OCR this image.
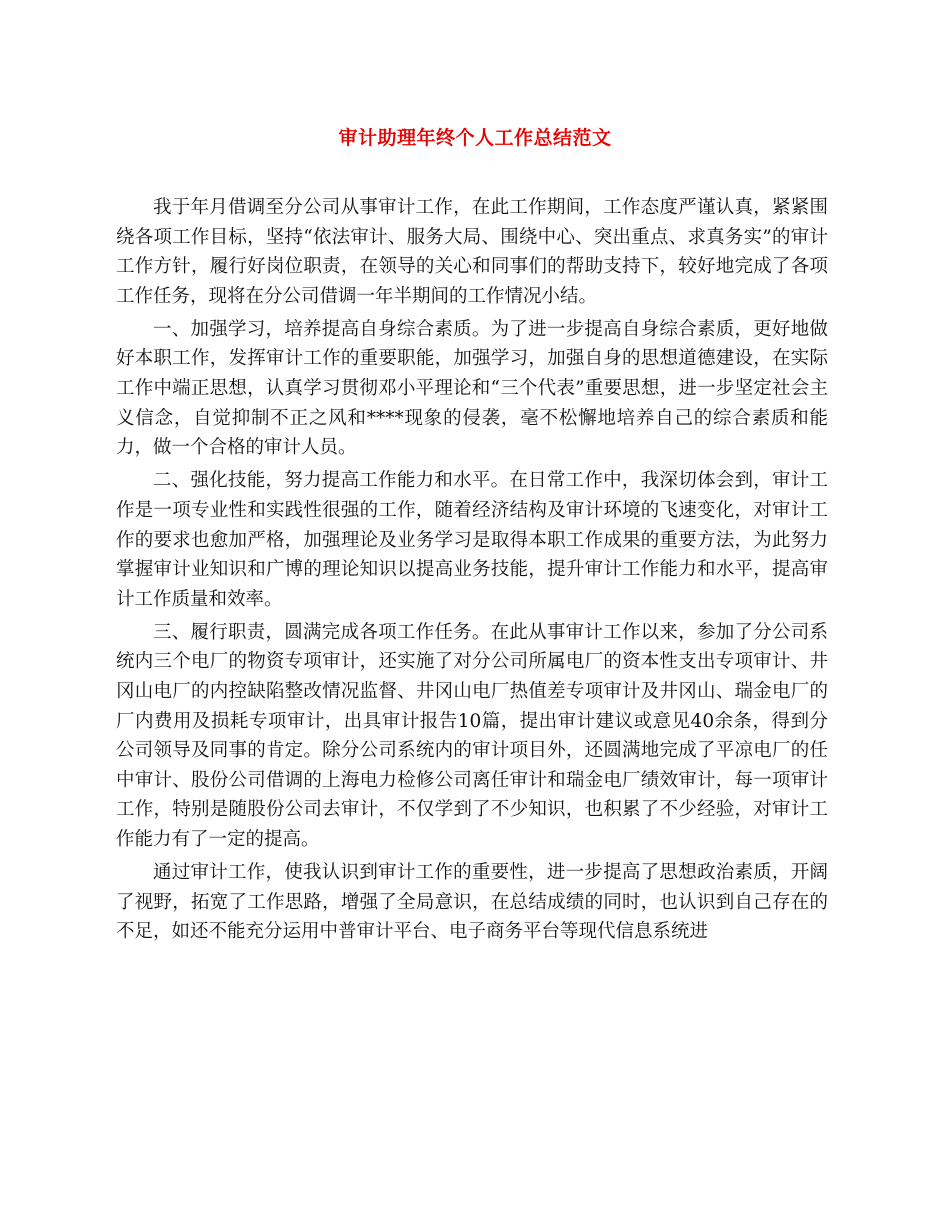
审计助理年终个人工作总结范文

我于年月借调至分公司从事审计工作，在此工作期间，工作态度严谨认真，紧紧围绕各项工作目标，坚持“依法审计、服务大局、围绕中心、突出重点、求真务实”的审计工作方针，履行好岗位职责，在领导的关心和同事们的帮助支持下，较好地完成了各项工作任务，现将在分公司借调一年半期间的工作情况小结。

一、加强学习，培养提高自身综合素质。为了进一步提高自身综合素质，更好地做好本职工作，发挥审计工作的重要职能，加强学习，加强自身的思想道德建设，在实际工作中端正思想，认真学习贯彻邓小平理论和“三个代表”重要思想，进一步坚定社会主义信念，自觉抑制不正之风和****现象的侵袭，毫不松懈地培养自己的综合素质和能力，做一个合格的审计人员。

二、强化技能，努力提高工作能力和水平。在日常工作中，我深切体会到，审计工作是一项专业性和实践性很强的工作，随着经济结构及审计环境的飞速变化，对审计工作的要求也愈加严格，加强理论及业务学习是取得本职工作成果的重要方法，为此努力掌握审计业知识和广博的理论知识以提高业务技能，提升审计工作能力和水平，提高审计工作质量和效率。

三、履行职责，圆满完成各项工作任务。在此从事审计工作以来，参加了分公司系统内三个电厂的物资专项审计，还实施了对分公司所属电厂的资本性支出专项审计、井冈山电厂的内控缺陷整改情况监督、井冈山电厂热值差专项审计及井冈山、瑞金电厂的厂内费用及损耗专项审计，出具审计报告10篇，提出审计建议或意见40余条，得到分公司领导及同事的肯定。除分公司系统内的审计项目外，还圆满地完成了平凉电厂的任中审计、股份公司借调的上海电力检修公司离任审计和瑞金电厂绩效审计，每一项审计工作，特别是随股份公司去审计，不仅学到了不少知识，也积累了不少经验，对审计工作能力有了一定的提高。

通过审计工作，使我认识到审计工作的重要性，进一步提高了思想政治素质，开阔了视野，拓宽了工作思路，增强了全局意识，在总结成绩的同时，也认识到自己存在的不足，如还不能充分运用中普审计平台、电子商务平台等现代信息系统进
